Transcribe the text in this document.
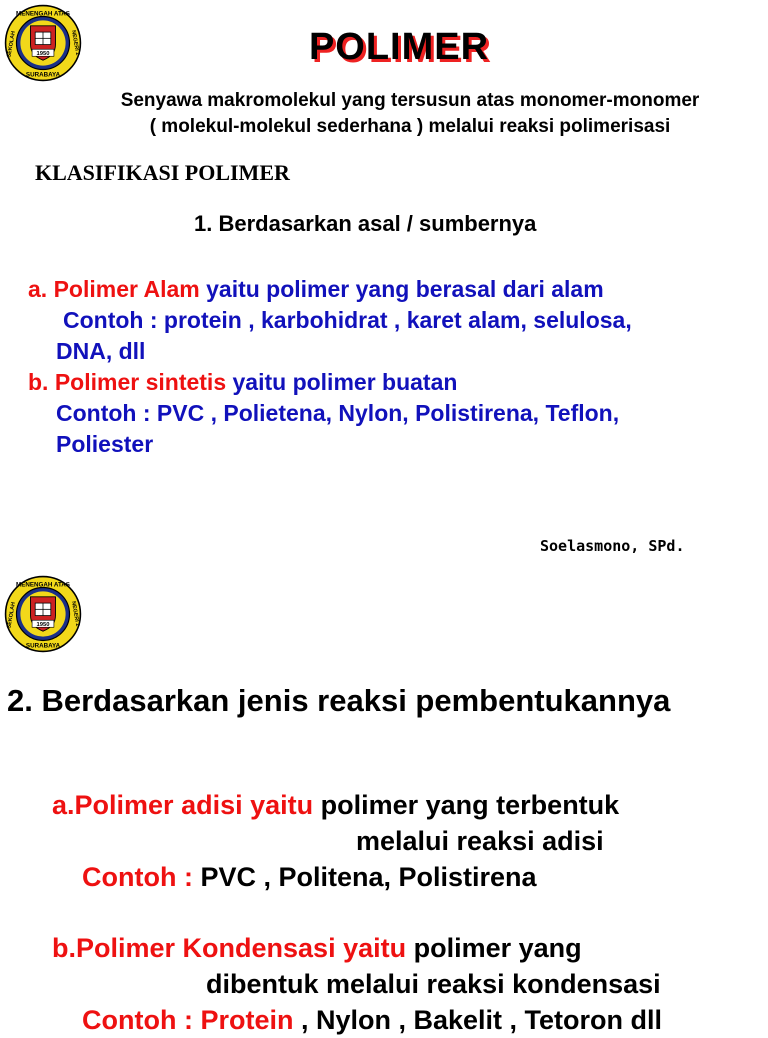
1950
MENENGAH ATAS
SURABAYA
SEKOLAH	NEGERI 2	POLIMER
Senyawa makromolekul yang tersusun atas monomer-monomer
( molekul-molekul sederhana ) melalui reaksi polimerisasi
KLASIFIKASI POLIMER
1. Berdasarkan asal / sumbernya
a. Polimer Alam yaitu polimer yang berasal dari alam
Contoh : protein , karbohidrat , karet alam, selulosa,
DNA, dll
b. Polimer sintetis yaitu polimer buatan
Contoh : PVC , Polietena, Nylon, Polistirena, Teflon,
Poliester
Soelasmono, SPd.
1950
MENENGAH ATAS
SURABAYA
SEKOLAH	NEGERI 2
2. Berdasarkan jenis reaksi pembentukannya
a.Polimer adisi yaitu polimer yang terbentuk
melalui reaksi adisi
Contoh : PVC , Politena, Polistirena
b.Polimer Kondensasi yaitu polimer yang
dibentuk melalui reaksi kondensasi
Contoh : Protein , Nylon , Bakelit , Tetoron dll
